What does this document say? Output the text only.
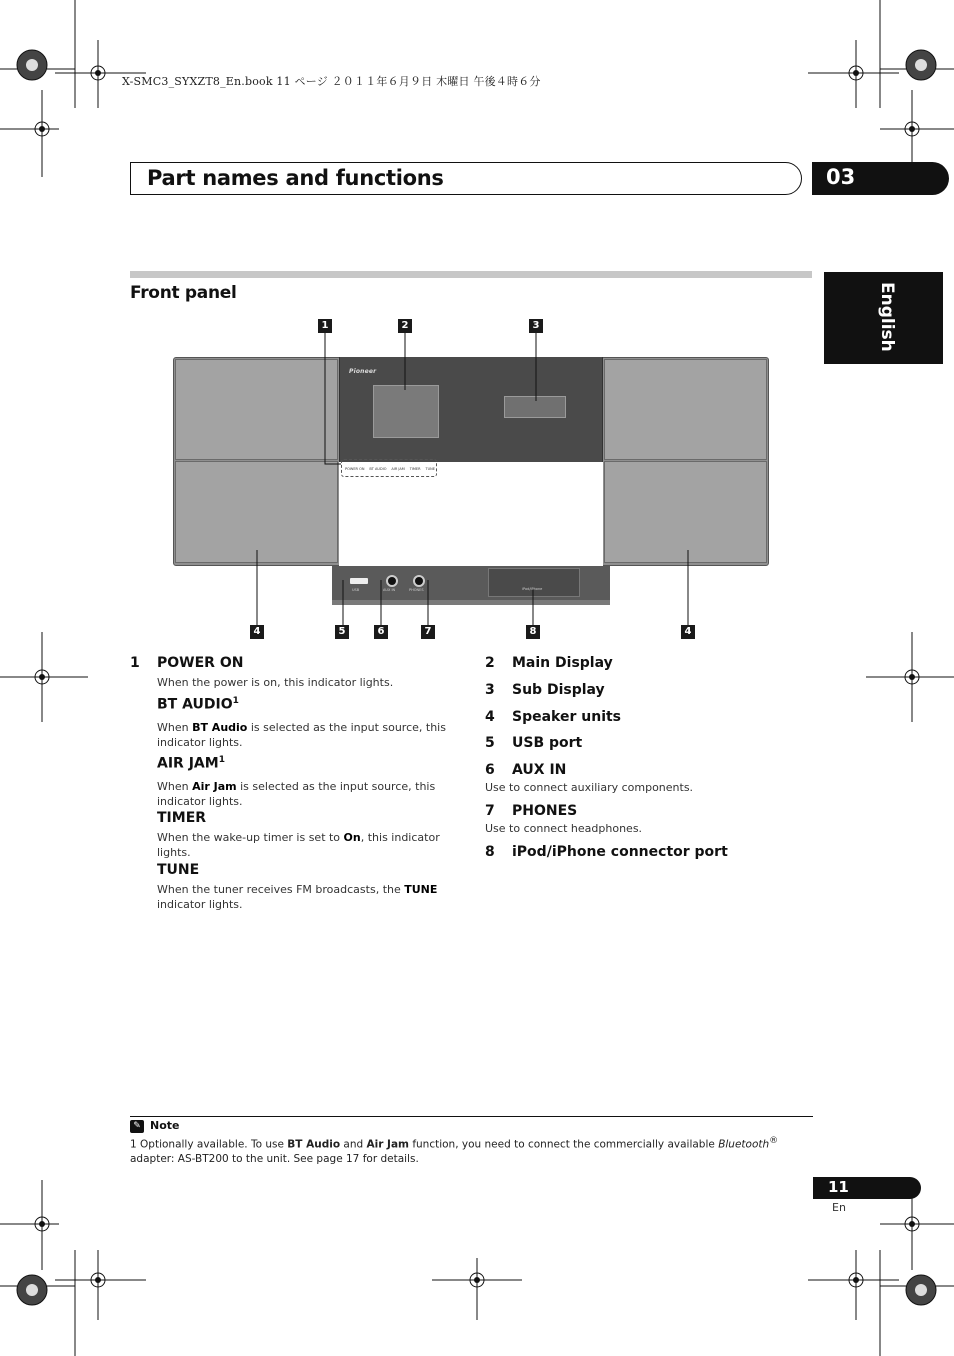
X-SMC3_SYXZT8_En.book 11 ページ ２０１１年６月９日 木曜日 午後４時６分
Part names and functions	03
English
Front panel
Pioneer
POWER ON BT AUDIO AIR JAM TIMER TUNE
USB	AUX IN	PHONES	iPod/iPhone
1	2	3
4	5	6	7	8	4
1 POWER ON
When the power is on, this indicator lights.
BT AUDIO$^1$
When BT Audio is selected as the input source, this indicator lights.
AIR JAM$^1$
When Air Jam is selected as the input source, this indicator lights.
TIMER
When the wake-up timer is set to On, this indicator lights.
TUNE
When the tuner receives FM broadcasts, the TUNE indicator lights.
2 Main Display
3 Sub Display
4 Speaker units
5 USB port
6 AUX IN
Use to connect auxiliary components.
7 PHONES
Use to connect headphones.
8 iPod/iPhone connector port
✎ Note
1 Optionally available. To use BT Audio and Air Jam function, you need to connect the commercially available Bluetooth® adapter: AS-BT200 to the unit. See page 17 for details.
11
En
